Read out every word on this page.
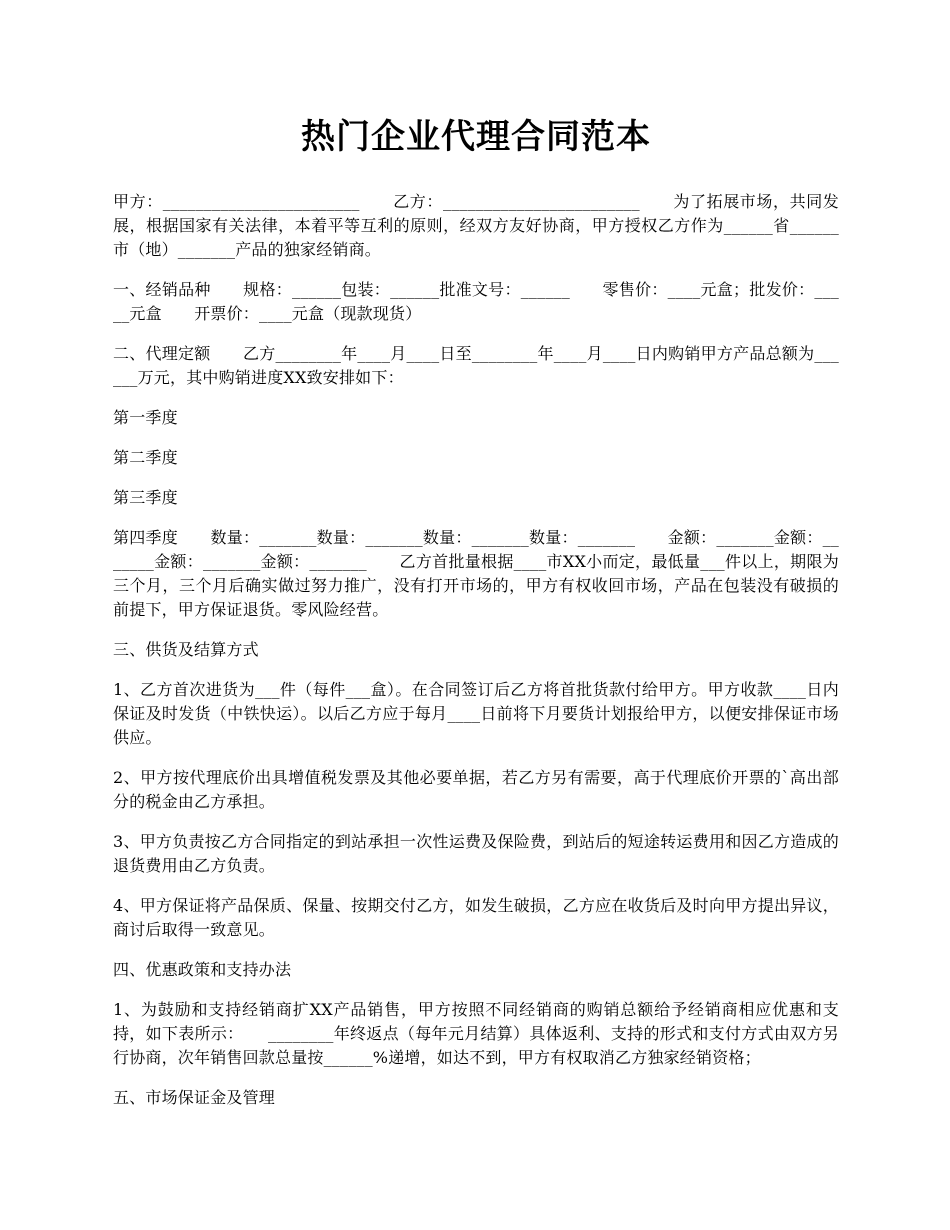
热门企业代理合同范本

甲方：________________________　　乙方：________________________　　为了拓展市场，共同发展，根据国家有关法律，本着平等互利的原则，经双方友好协商，甲方授权乙方作为______省______市（地）_______产品的独家经销商。

一、经销品种　　规格：______包装：______批准文号：______　　零售价：____元盒；批发价：_____元盒　　开票价：____元盒（现款现货）

二、代理定额　　乙方________年____月____日至________年____月____日内购销甲方产品总额为______万元，其中购销进度XX致安排如下：

第一季度

第二季度

第三季度

第四季度　　数量：_______数量：_______数量：_______数量：_______　　金额：_______金额：_______金额：_______金额：_______　　乙方首批量根据____市XX小而定，最低量___件以上，期限为三个月，三个月后确实做过努力推广，没有打开市场的，甲方有权收回市场，产品在包装没有破损的前提下，甲方保证退货。零风险经营。

三、供货及结算方式

1、乙方首次进货为___件（每件___盒）。在合同签订后乙方将首批货款付给甲方。甲方收款____日内保证及时发货（中铁快运）。以后乙方应于每月____日前将下月要货计划报给甲方，以便安排保证市场供应。

2、甲方按代理底价出具增值税发票及其他必要单据，若乙方另有需要，高于代理底价开票的`高出部分的税金由乙方承担。

3、甲方负责按乙方合同指定的到站承担一次性运费及保险费，到站后的短途转运费用和因乙方造成的退货费用由乙方负责。

4、甲方保证将产品保质、保量、按期交付乙方，如发生破损，乙方应在收货后及时向甲方提出异议，商讨后取得一致意见。

四、优惠政策和支持办法

1、为鼓励和支持经销商扩XX产品销售，甲方按照不同经销商的购销总额给予经销商相应优惠和支持，如下表所示：　　________年终返点（每年元月结算）具体返利、支持的形式和支付方式由双方另行协商，次年销售回款总量按______%递增，如达不到，甲方有权取消乙方独家经销资格；

五、市场保证金及管理
